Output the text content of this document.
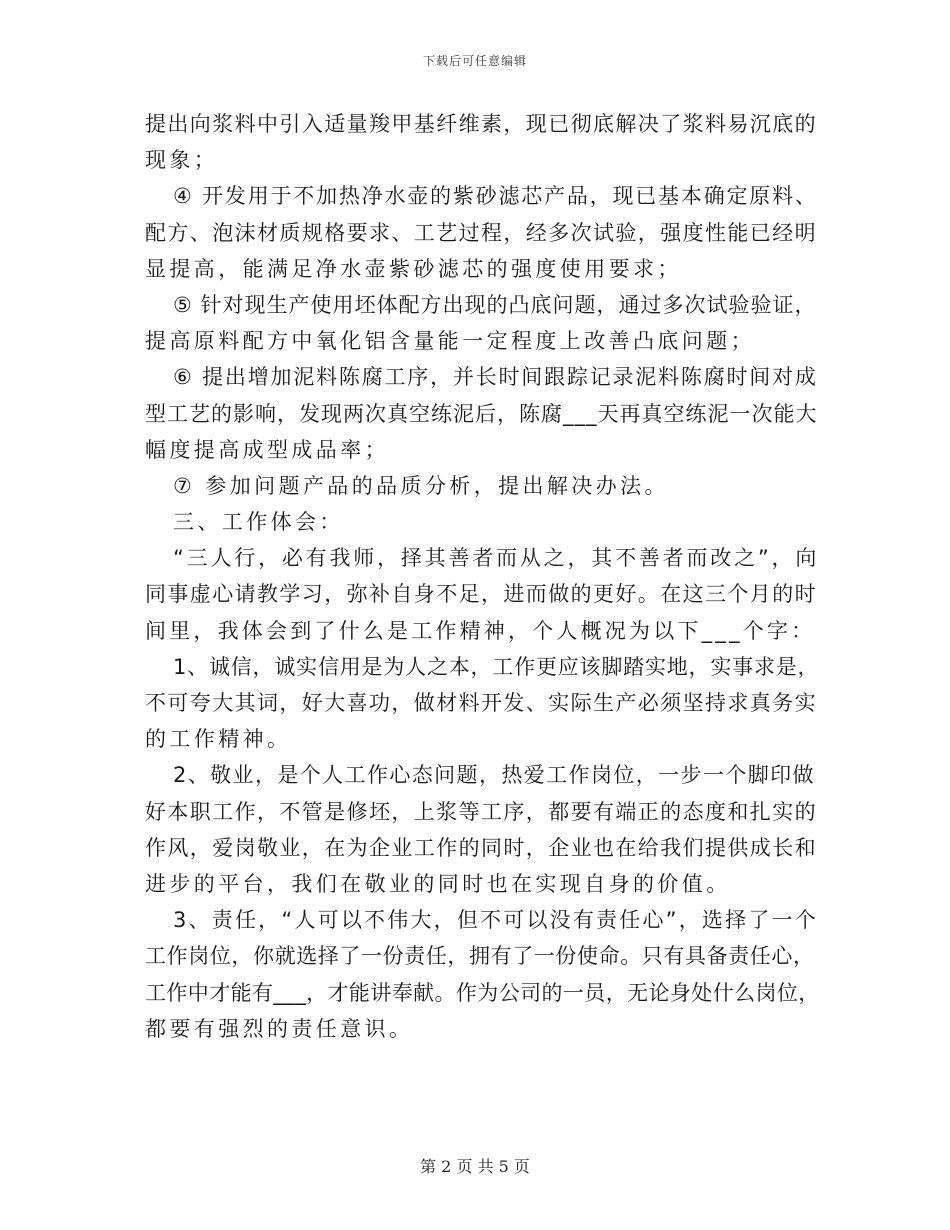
下载后可任意编辑
提出向浆料中引入适量羧甲基纤维素，现已彻底解决了浆料易沉底的
现象；
④ 开发用于不加热净水壶的紫砂滤芯产品，现已基本确定原料、
配方、泡沫材质规格要求、工艺过程，经多次试验，强度性能已经明
显提高，能满足净水壶紫砂滤芯的强度使用要求；
⑤ 针对现生产使用坯体配方出现的凸底问题，通过多次试验验证，
提高原料配方中氧化铝含量能一定程度上改善凸底问题；
⑥ 提出增加泥料陈腐工序，并长时间跟踪记录泥料陈腐时间对成
型工艺的影响，发现两次真空练泥后，陈腐___天再真空练泥一次能大
幅度提高成型成品率；
⑦ 参加问题产品的品质分析，提出解决办法。
三、工作体会：
“三人行，必有我师，择其善者而从之，其不善者而改之”，向
同事虚心请教学习，弥补自身不足，进而做的更好。在这三个月的时
间里，我体会到了什么是工作精神，个人概况为以下___个字：
1、诚信，诚实信用是为人之本，工作更应该脚踏实地，实事求是，
不可夸大其词，好大喜功，做材料开发、实际生产必须坚持求真务实
的工作精神。
2、敬业，是个人工作心态问题，热爱工作岗位，一步一个脚印做
好本职工作，不管是修坯，上浆等工序，都要有端正的态度和扎实的
作风，爱岗敬业，在为企业工作的同时，企业也在给我们提供成长和
进步的平台，我们在敬业的同时也在实现自身的价值。
3、责任，“人可以不伟大，但不可以没有责任心”，选择了一个
工作岗位，你就选择了一份责任，拥有了一份使命。只有具备责任心，
工作中才能有___，才能讲奉献。作为公司的一员，无论身处什么岗位，
都要有强烈的责任意识。
第 2 页 共 5 页
